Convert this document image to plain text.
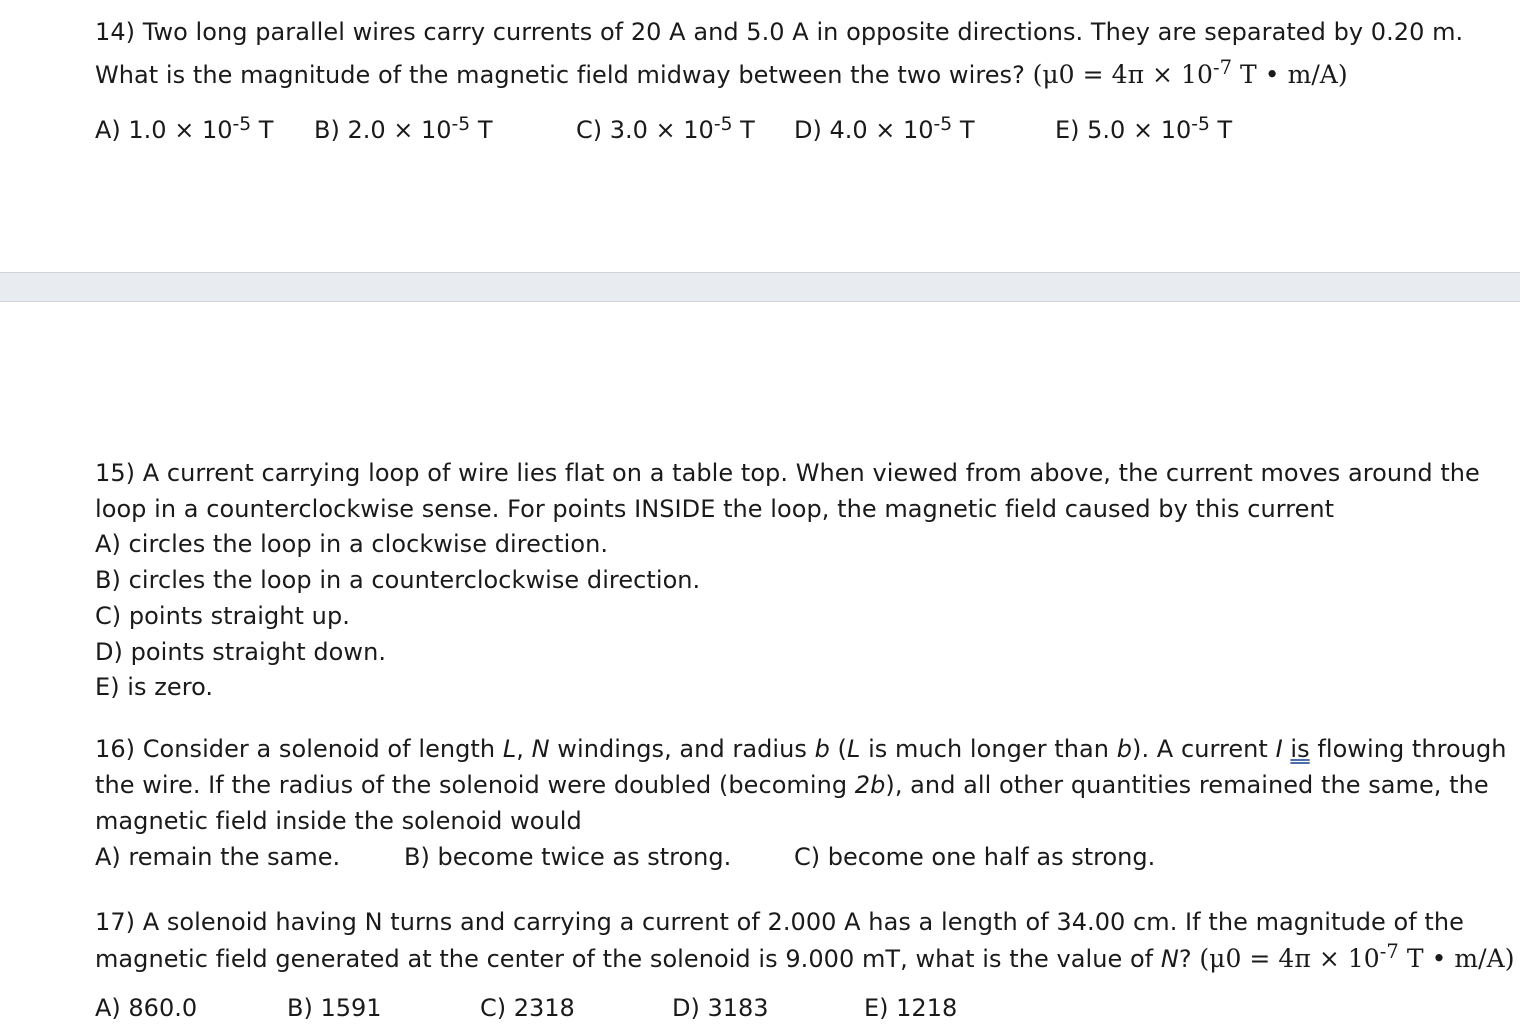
14) Two long parallel wires carry currents of 20 A and 5.0 A in opposite directions. They are separated by 0.20 m.
What is the magnitude of the magnetic field midway between the two wires? ($\mu 0 = 4\pi \times 10^{-7}$ T • m/A)
A) $1.0 \times 10^{-5}$ T B) $2.0 \times 10^{-5}$ T	C) $3.0 \times 10^{-5}$ T D) $4.0 \times 10^{-5}$ T	E) $5.0 \times 10^{-5}$ T
15) A current carrying loop of wire lies flat on a table top. When viewed from above, the current moves around the
loop in a counterclockwise sense. For points INSIDE the loop, the magnetic field caused by this current
A) circles the loop in a clockwise direction.
B) circles the loop in a counterclockwise direction.
C) points straight up.
D) points straight down.
E) is zero.
16) Consider a solenoid of length L, N windings, and radius b (L is much longer than b). A current I is flowing through
the wire. If the radius of the solenoid were doubled (becoming 2b), and all other quantities remained the same, the
magnetic field inside the solenoid would
A) remain the same.	B) become twice as strong.	C) become one half as strong.
17) A solenoid having N turns and carrying a current of 2.000 A has a length of 34.00 cm. If the magnitude of the
magnetic field generated at the center of the solenoid is 9.000 mT, what is the value of N? ($\mu 0 = 4\pi \times 10^{-7}$ T • m/A)
A) 860.0	B) 1591	C) 2318	D) 3183	E) 1218
